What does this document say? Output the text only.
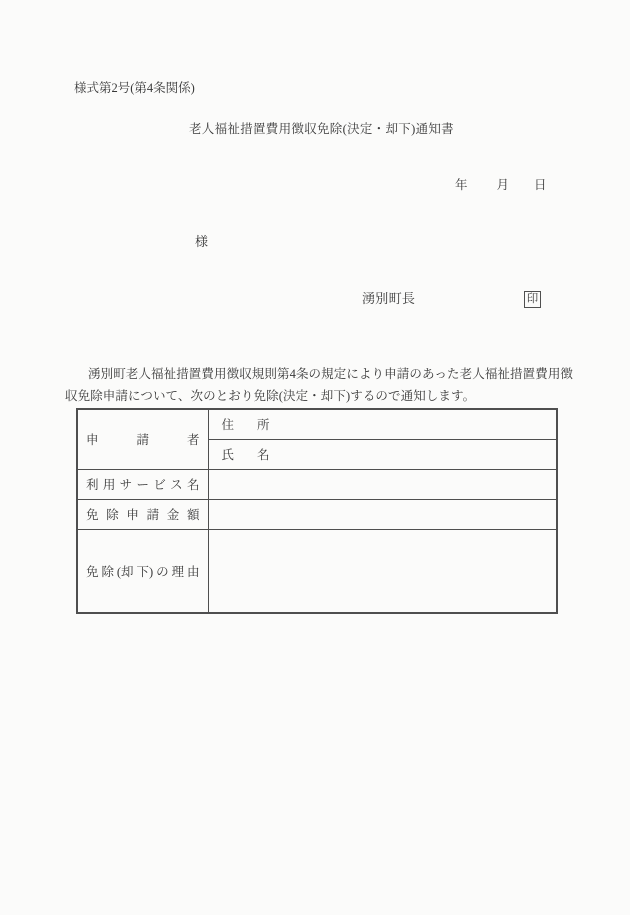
様式第2号(第4条関係)
老人福祉措置費用徴収免除(決定・却下)通知書
年 月 日
様
湧別町長	印
湧別町老人福祉措置費用徴収規則第4条の規定により申請のあった老人福祉措置費用徴
収免除申請について、次のとおり免除(決定・却下)するので通知します。
申 請 者	住 所

	氏 名

利 用 サ ー ビ ス 名

免 除 申 請 金 額

免 除 (却 下) の 理 由
